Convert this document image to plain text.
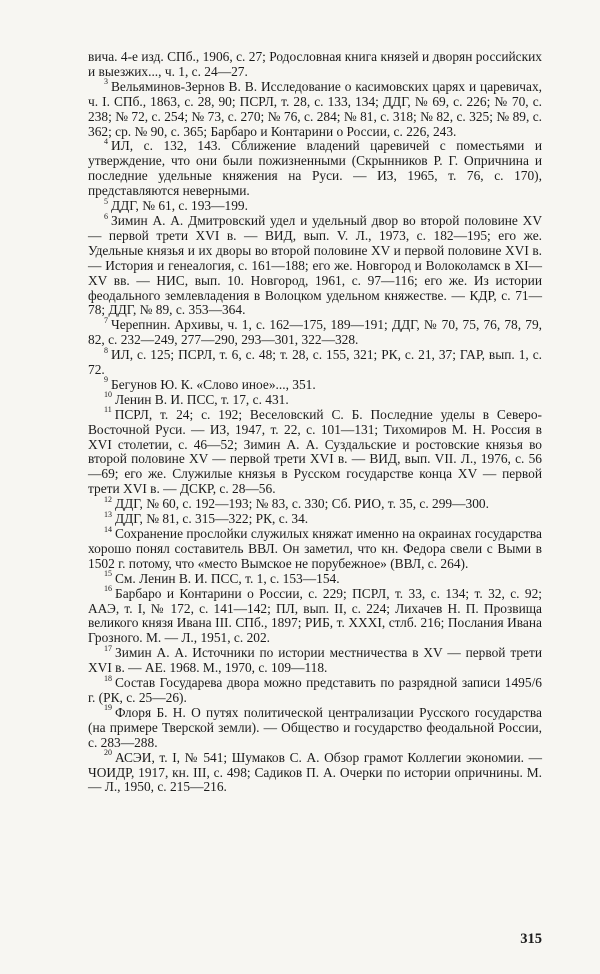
вича. 4-е изд. СПб., 1906, с. 27; Родословная книга князей и дворян российских и выезжих..., ч. 1, с. 24—27.

$^3$ Вельяминов-Зернов В. В. Исследование о касимовских царях и царевичах, ч. I. СПб., 1863, с. 28, 90; ПСРЛ, т. 28, с. 133, 134; ДДГ, № 69, с. 226; № 70, с. 238; № 72, с. 254; № 73, с. 270; № 76, с. 284; № 81, с. 318; № 82, с. 325; № 89, с. 362; ср. № 90, с. 365; Барбаро и Контарини о России, с. 226, 243.

$^4$ ИЛ, с. 132, 143. Сближение владений царевичей с поместьями и утверждение, что они были пожизненными (Скрынников Р. Г. Опричнина и последние удельные княжения на Руси. — ИЗ, 1965, т. 76, с. 170), представляются неверными.

$^5$ ДДГ, № 61, с. 193—199.

$^6$ Зимин А. А. Дмитровский удел и удельный двор во второй половине XV — первой трети XVI в. — ВИД, вып. V. Л., 1973, с. 182—195; его же. Удельные князья и их дворы во второй половине XV и первой половине XVI в. — История и генеалогия, с. 161—188; его же. Новгород и Волоколамск в XI—XV вв. — НИС, вып. 10. Новгород, 1961, с. 97—116; его же. Из истории феодального землевладения в Волоцком удельном княжестве. — КДР, с. 71—78; ДДГ, № 89, с. 353—364.

$^7$ Черепнин. Архивы, ч. 1, с. 162—175, 189—191; ДДГ, № 70, 75, 76, 78, 79, 82, с. 232—249, 277—290, 293—301, 322—328.

$^8$ ИЛ, с. 125; ПСРЛ, т. 6, с. 48; т. 28, с. 155, 321; РК, с. 21, 37; ГАР, вып. 1, с. 72.

$^9$ Бегунов Ю. К. «Слово иное»..., 351.

$^{10}$ Ленин В. И. ПСС, т. 17, с. 431.

$^{11}$ ПСРЛ, т. 24; с. 192; Веселовский С. Б. Последние уделы в Северо-Восточной Руси. — ИЗ, 1947, т. 22, с. 101—131; Тихомиров М. Н. Россия в XVI столетии, с. 46—52; Зимин А. А. Суздальские и ростовские князья во второй половине XV — первой трети XVI в. — ВИД, вып. VII. Л., 1976, с. 56—69; его же. Служилые князья в Русском государстве конца XV — первой трети XVI в. — ДСКР, с. 28—56.

$^{12}$ ДДГ, № 60, с. 192—193; № 83, с. 330; Сб. РИО, т. 35, с. 299—300.

$^{13}$ ДДГ, № 81, с. 315—322; РК, с. 34.

$^{14}$ Сохранение прослойки служилых княжат именно на окраинах государства хорошо понял составитель ВВЛ. Он заметил, что кн. Федора свели с Выми в 1502 г. потому, что «место Вымское не порубежное» (ВВЛ, с. 264).

$^{15}$ См. Ленин В. И. ПСС, т. 1, с. 153—154.

$^{16}$ Барбаро и Контарини о России, с. 229; ПСРЛ, т. 33, с. 134; т. 32, с. 92; ААЭ, т. I, № 172, с. 141—142; ПЛ, вып. II, с. 224; Лихачев Н. П. Прозвища великого князя Ивана III. СПб., 1897; РИБ, т. XXXI, стлб. 216; Послания Ивана Грозного. М. — Л., 1951, с. 202.

$^{17}$ Зимин А. А. Источники по истории местничества в XV — первой трети XVI в. — АЕ. 1968. М., 1970, с. 109—118.

$^{18}$ Состав Государева двора можно представить по разрядной записи 1495/6 г. (РК, с. 25—26).

$^{19}$ Флоря Б. Н. О путях политической централизации Русского государства (на примере Тверской земли). — Общество и государство феодальной России, с. 283—288.

$^{20}$ АСЭИ, т. I, № 541; Шумаков С. А. Обзор грамот Коллегии экономии. — ЧОИДР, 1917, кн. III, с. 498; Садиков П. А. Очерки по истории опричнины. М. — Л., 1950, с. 215—216.

315
